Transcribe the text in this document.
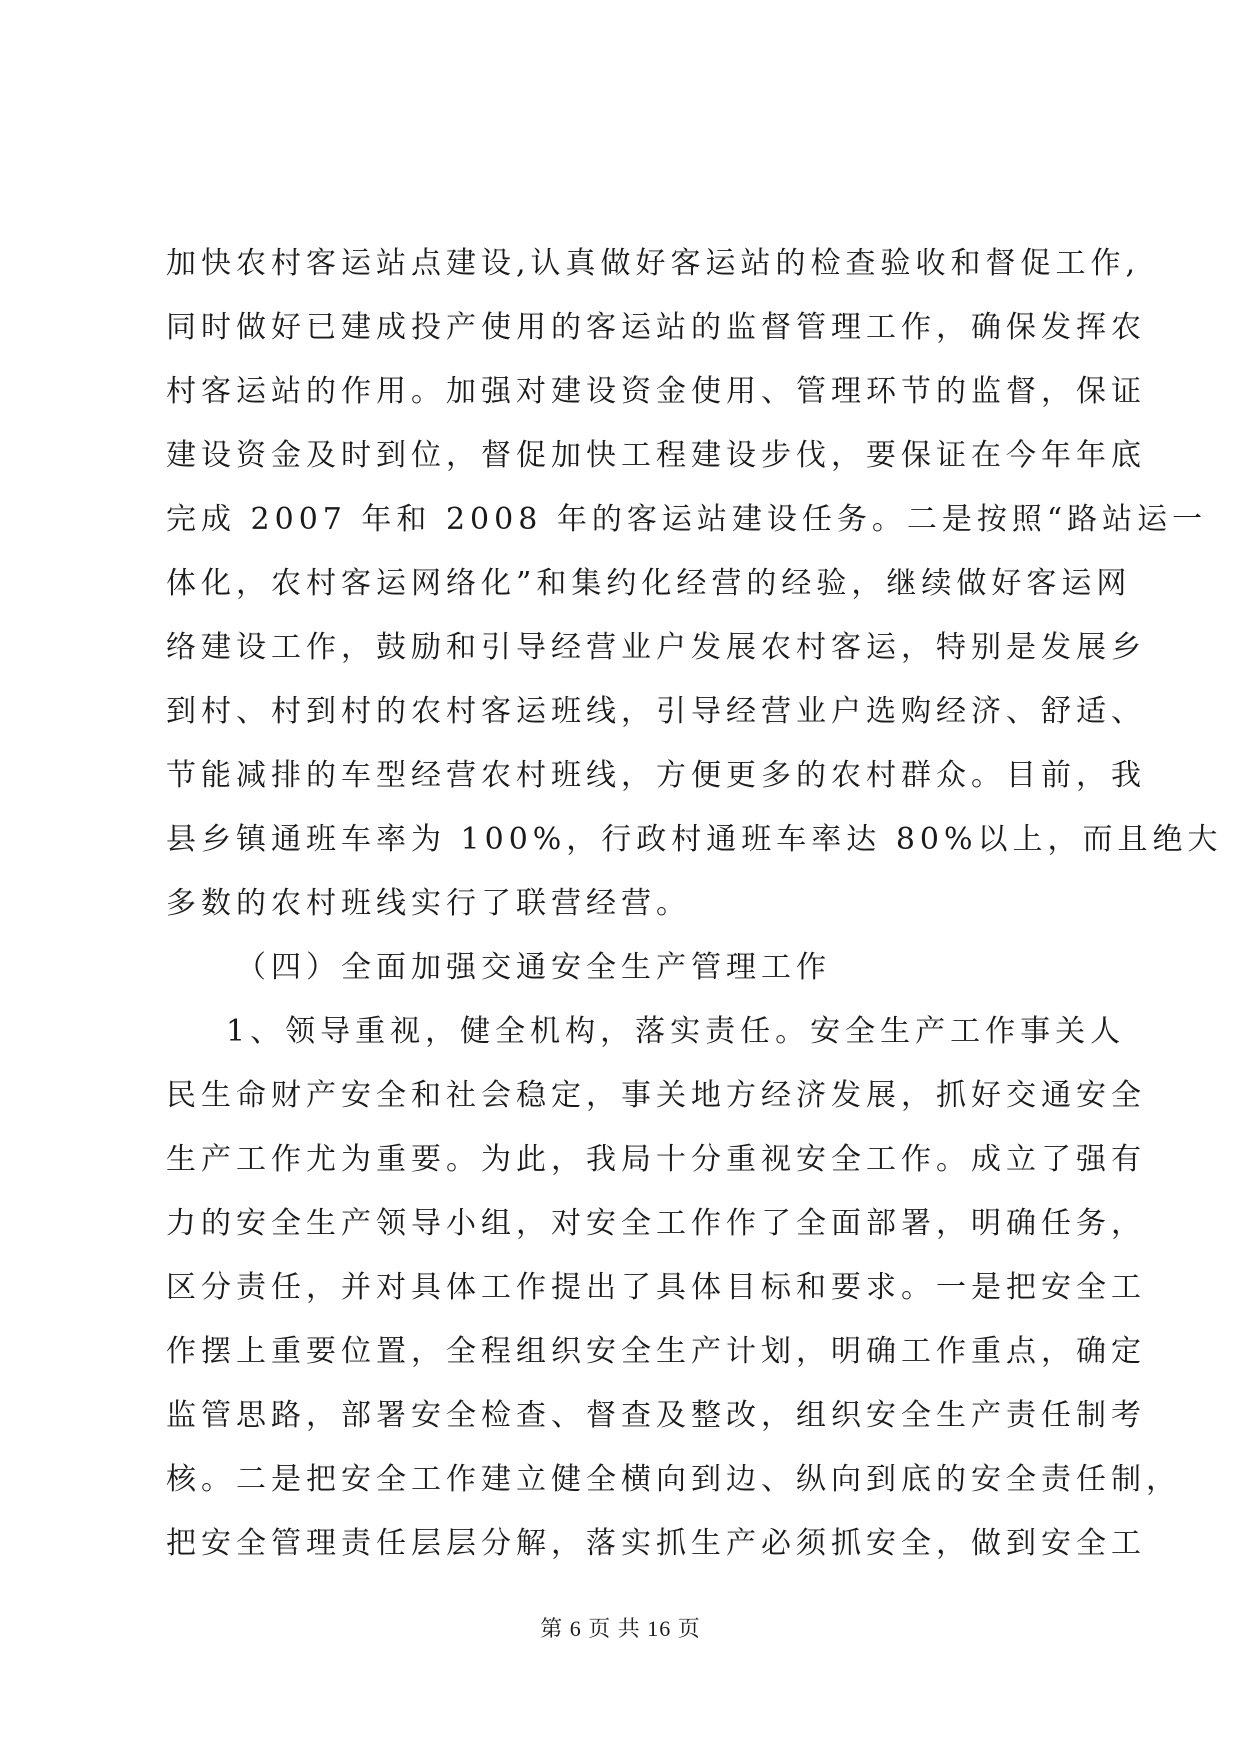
加快农村客运站点建设,认真做好客运站的检查验收和督促工作,
同时做好已建成投产使用的客运站的监督管理工作，确保发挥农
村客运站的作用。加强对建设资金使用、管理环节的监督，保证
建设资金及时到位，督促加快工程建设步伐，要保证在今年年底
完成 2007 年和 2008 年的客运站建设任务。二是按照“路站运一
体化，农村客运网络化”和集约化经营的经验，继续做好客运网
络建设工作，鼓励和引导经营业户发展农村客运，特别是发展乡
到村、村到村的农村客运班线，引导经营业户选购经济、舒适、
节能减排的车型经营农村班线，方便更多的农村群众。目前，我
县乡镇通班车率为 100%，行政村通班车率达 80%以上，而且绝大
多数的农村班线实行了联营经营。
（四）全面加强交通安全生产管理工作
1、领导重视，健全机构，落实责任。安全生产工作事关人
民生命财产安全和社会稳定，事关地方经济发展，抓好交通安全
生产工作尤为重要。为此，我局十分重视安全工作。成立了强有
力的安全生产领导小组，对安全工作作了全面部署，明确任务，
区分责任，并对具体工作提出了具体目标和要求。一是把安全工
作摆上重要位置，全程组织安全生产计划，明确工作重点，确定
监管思路，部署安全检查、督查及整改，组织安全生产责任制考
核。二是把安全工作建立健全横向到边、纵向到底的安全责任制，
把安全管理责任层层分解，落实抓生产必须抓安全，做到安全工
第 6 页 共 16 页
